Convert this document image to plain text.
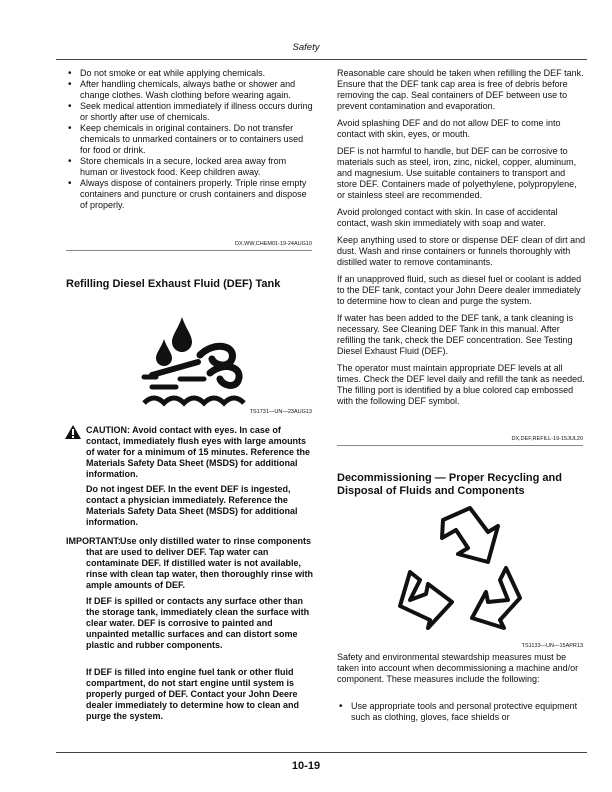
Safety

• Do not smoke or eat while applying chemicals.

• After handling chemicals, always bathe or shower and change clothes. Wash clothing before wearing again.

• Seek medical attention immediately if illness occurs during or shortly after use of chemicals.

• Keep chemicals in original containers. Do not transfer chemicals to unmarked containers or to containers used for food or drink.

• Store chemicals in a secure, locked area away from human or livestock food. Keep children away.

• Always dispose of containers properly. Triple rinse empty containers and puncture or crush containers and dispose of properly.

DX,WW,CHEM01-19-24AUG10
Refilling Diesel Exhaust Fluid (DEF) Tank
TS1731—UN—23AUG13
CAUTION: Avoid contact with eyes. In case of contact, immediately flush eyes with large amounts of water for a minimum of 15 minutes. Reference the Materials Safety Data Sheet (MSDS) for additional information.
Do not ingest DEF. In the event DEF is ingested, contact a physician immediately. Reference the Materials Safety Data Sheet (MSDS) for additional information.
IMPORTANT: Use only distilled water to rinse components that are used to deliver DEF. Tap water can contaminate DEF. If distilled water is not available, rinse with clean tap water, then thoroughly rinse with ample amounts of DEF.
If DEF is spilled or contacts any surface other than the storage tank, immediately clean the surface with clear water. DEF is corrosive to painted and unpainted metallic surfaces and can distort some plastic and rubber components.
If DEF is filled into engine fuel tank or other fluid compartment, do not start engine until system is properly purged of DEF. Contact your John Deere dealer immediately to determine how to clean and purge the system.

Reasonable care should be taken when refilling the DEF tank. Ensure that the DEF tank cap area is free of debris before removing the cap. Seal containers of DEF between use to prevent contamination and evaporation.

Avoid splashing DEF and do not allow DEF to come into contact with skin, eyes, or mouth.

DEF is not harmful to handle, but DEF can be corrosive to materials such as steel, iron, zinc, nickel, copper, aluminum, and magnesium. Use suitable containers to transport and store DEF. Containers made of polyethylene, polypropylene, or stainless steel are recommended.

Avoid prolonged contact with skin. In case of accidental contact, wash skin immediately with soap and water.

Keep anything used to store or dispense DEF clean of dirt and dust. Wash and rinse containers or funnels thoroughly with distilled water to remove contaminants.

If an unapproved fluid, such as diesel fuel or coolant is added to the DEF tank, contact your John Deere dealer immediately to determine how to clean and purge the system.

If water has been added to the DEF tank, a tank cleaning is necessary. See Cleaning DEF Tank in this manual. After refilling the tank, check the DEF concentration. See Testing Diesel Exhaust Fluid (DEF).

The operator must maintain appropriate DEF levels at all times. Check the DEF level daily and refill the tank as needed. The filling port is identified by a blue colored cap embossed with the following DEF symbol.

DX,DEF,REFILL-19-15JUL20
Decommissioning — Proper Recycling and Disposal of Fluids and Components
TS1133—UN—15APR13
Safety and environmental stewardship measures must be taken into account when decommissioning a machine and/or component. These measures include the following:

• Use appropriate tools and personal protective equipment such as clothing, gloves, face shields or

10-19
